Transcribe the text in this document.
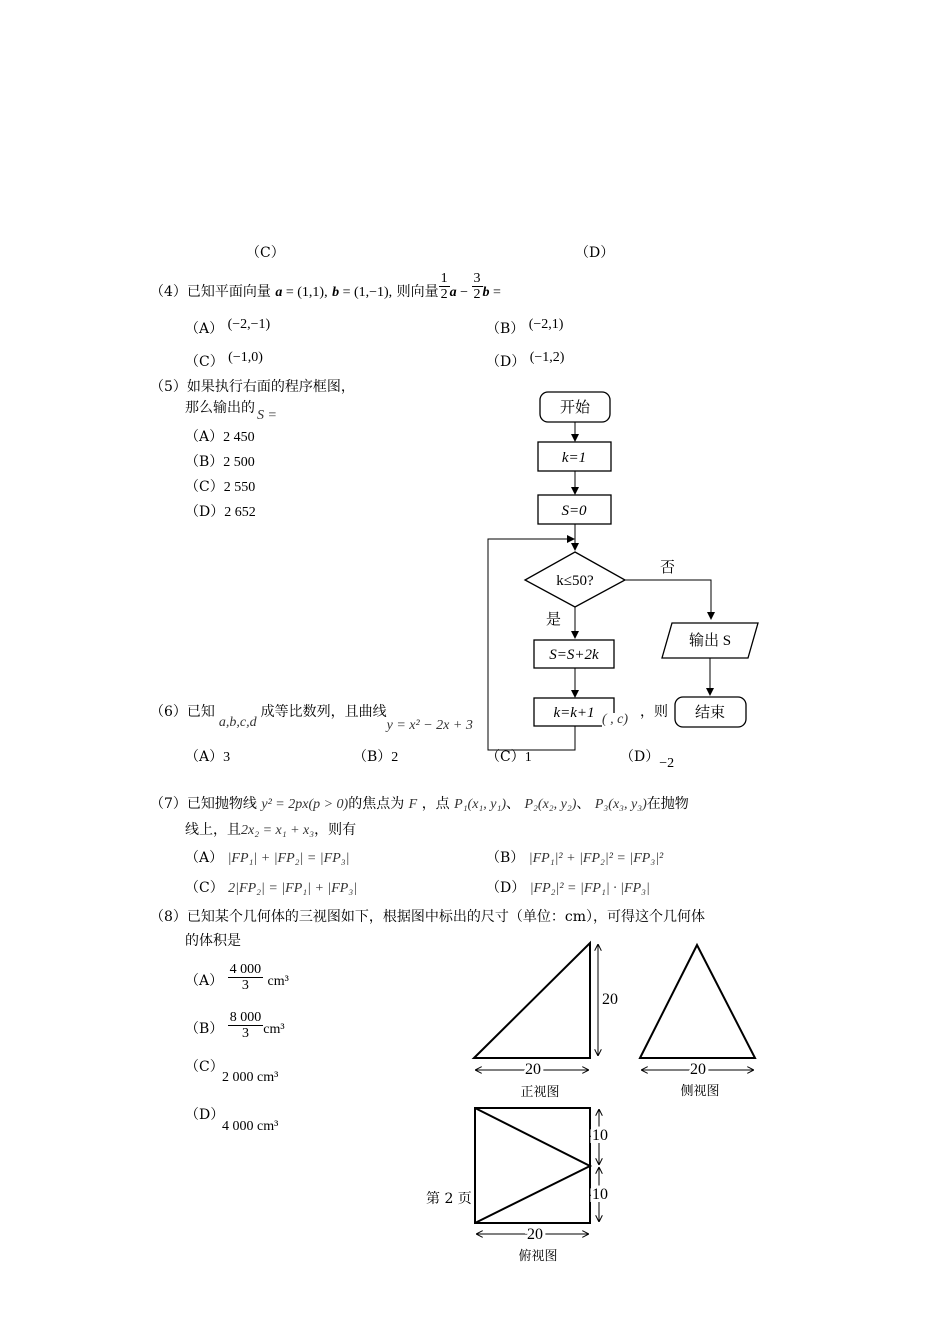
（C）	（D）
（4）已知平面向量 a = (1,1), b = (1,−1), 则向量 $\frac{1}{2}$ $a - \frac{3}{2}$ b =
（A） (−2,−1)	（B） (−2,1)
（C） (−1,0)	（D） (−1,2)
（5）如果执行右面的程序框图，
那么输出的 S =
（A）2 450
（B）2 500
（C）2 550
（D）2 652
开始
k=1
S=0
k≤50?
否
是
S=S+2k
k=k+1
输出 S
结束
（6）已知a,b,c,d成等比数列，且曲线y = x² − 2x + 3	( , c) ，则
（A）3	（B）2	（C）1	（D）−2
（7）已知抛物线 y² = 2px(p > 0)的焦点为 F ，点 P₁(x₁, y₁)、 P₂(x₂, y₂)、 P₃(x₃, y₃)在抛物
线上，且2x₂ = x₁ + x₃，则有
（A） |FP₁| + |FP₂| = |FP₃|	（B） |FP₁|² + |FP₂|² = |FP₃|²
（C） 2|FP₂| = |FP₁| + |FP₃|	（D） |FP₂|² = |FP₁| · |FP₃|
（8）已知某个几何体的三视图如下，根据图中标出的尺寸（单位：cm），可得这个几何体
的体积是
$(A) \frac{4 000}{3} cm^3$
$(B) \frac{8 000}{3} cm^3$
（C）
2 000 cm³
（D）
4 000 cm³
20
20
正视图
20
侧视图
10
10
20
俯视图
第 2 页
